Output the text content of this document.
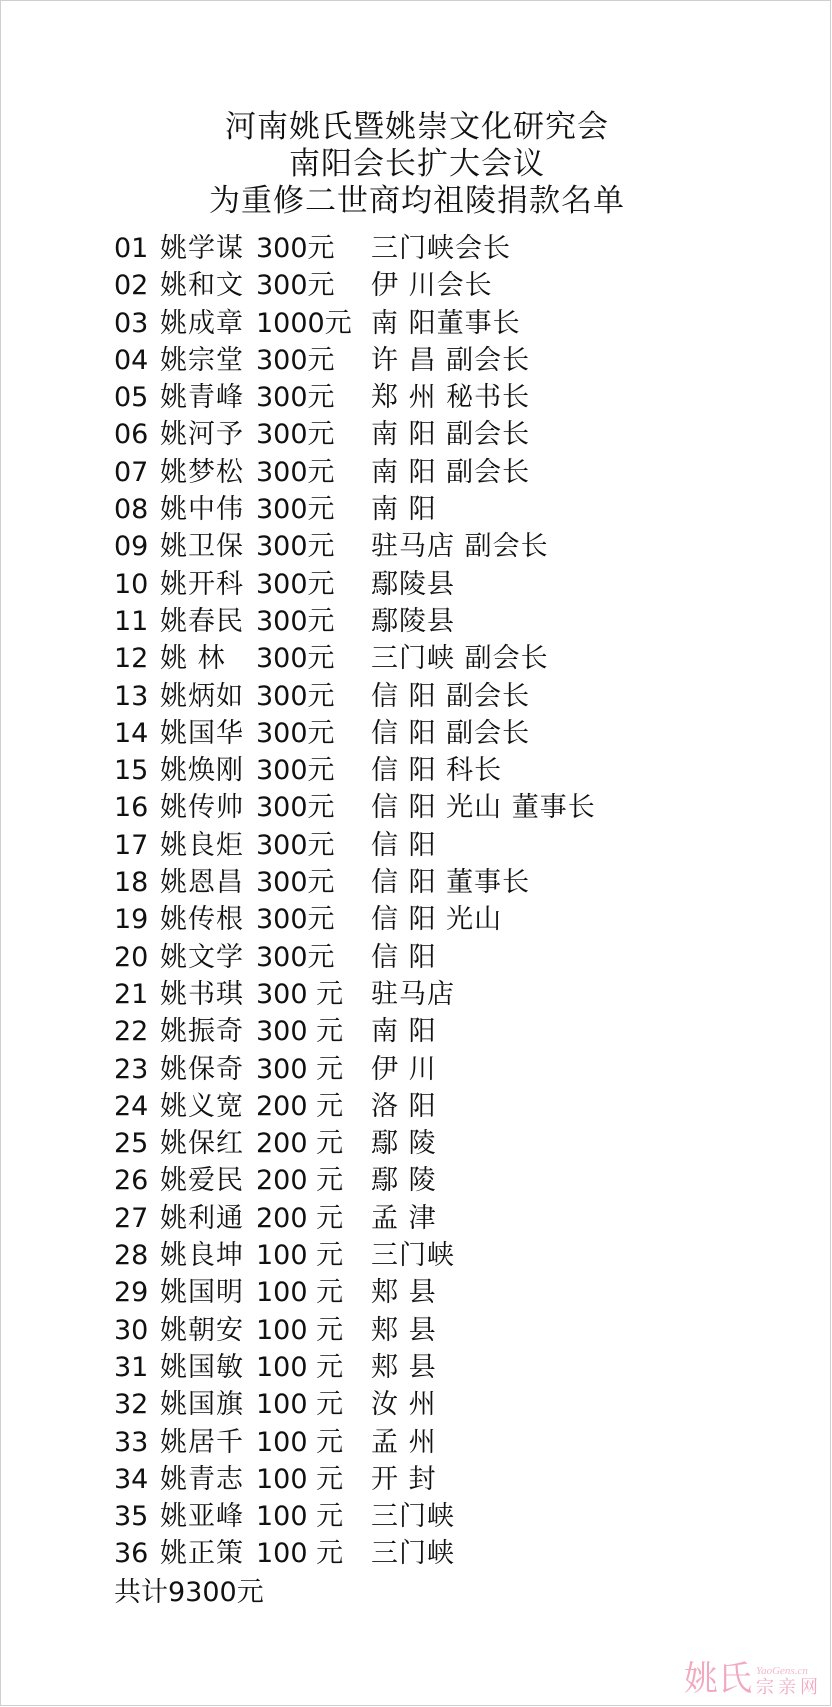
河南姚氏暨姚崇文化研究会
南阳会长扩大会议
为重修二世商均祖陵捐款名单
01 姚学谋 300元 三门峡会长
02 姚和文 300元 伊 川会长
03 姚成章 1000元 南 阳董事长
04 姚宗堂 300元 许 昌 副会长
05 姚青峰 300元 郑 州 秘书长
06 姚河予 300元 南 阳 副会长
07 姚梦松 300元 南 阳 副会长
08 姚中伟 300元 南 阳
09 姚卫保 300元 驻马店 副会长
10 姚开科 300元 鄢陵县
11 姚春民 300元 鄢陵县
12 姚 林 300元 三门峡 副会长
13 姚炳如 300元 信 阳 副会长
14 姚国华 300元 信 阳 副会长
15 姚焕刚 300元 信 阳 科长
16 姚传帅 300元 信 阳 光山 董事长
17 姚良炬 300元 信 阳
18 姚恩昌 300元 信 阳 董事长
19 姚传根 300元 信 阳 光山
20 姚文学 300元 信 阳
21 姚书琪 300 元 驻马店
22 姚振奇 300 元 南 阳
23 姚保奇 300 元 伊 川
24 姚义宽 200 元 洛 阳
25 姚保红 200 元 鄢 陵
26 姚爱民 200 元 鄢 陵
27 姚利通 200 元 孟 津
28 姚良坤 100 元 三门峡
29 姚国明 100 元 郏 县
30 姚朝安 100 元 郏 县
31 姚国敏 100 元 郏 县
32 姚国旗 100 元 汝 州
33 姚居千 100 元 孟 州
34 姚青志 100 元 开 封
35 姚亚峰 100 元 三门峡
36 姚正策 100 元 三门峡
共计9300元
姚氏 YaoGens.cn
宗亲网
